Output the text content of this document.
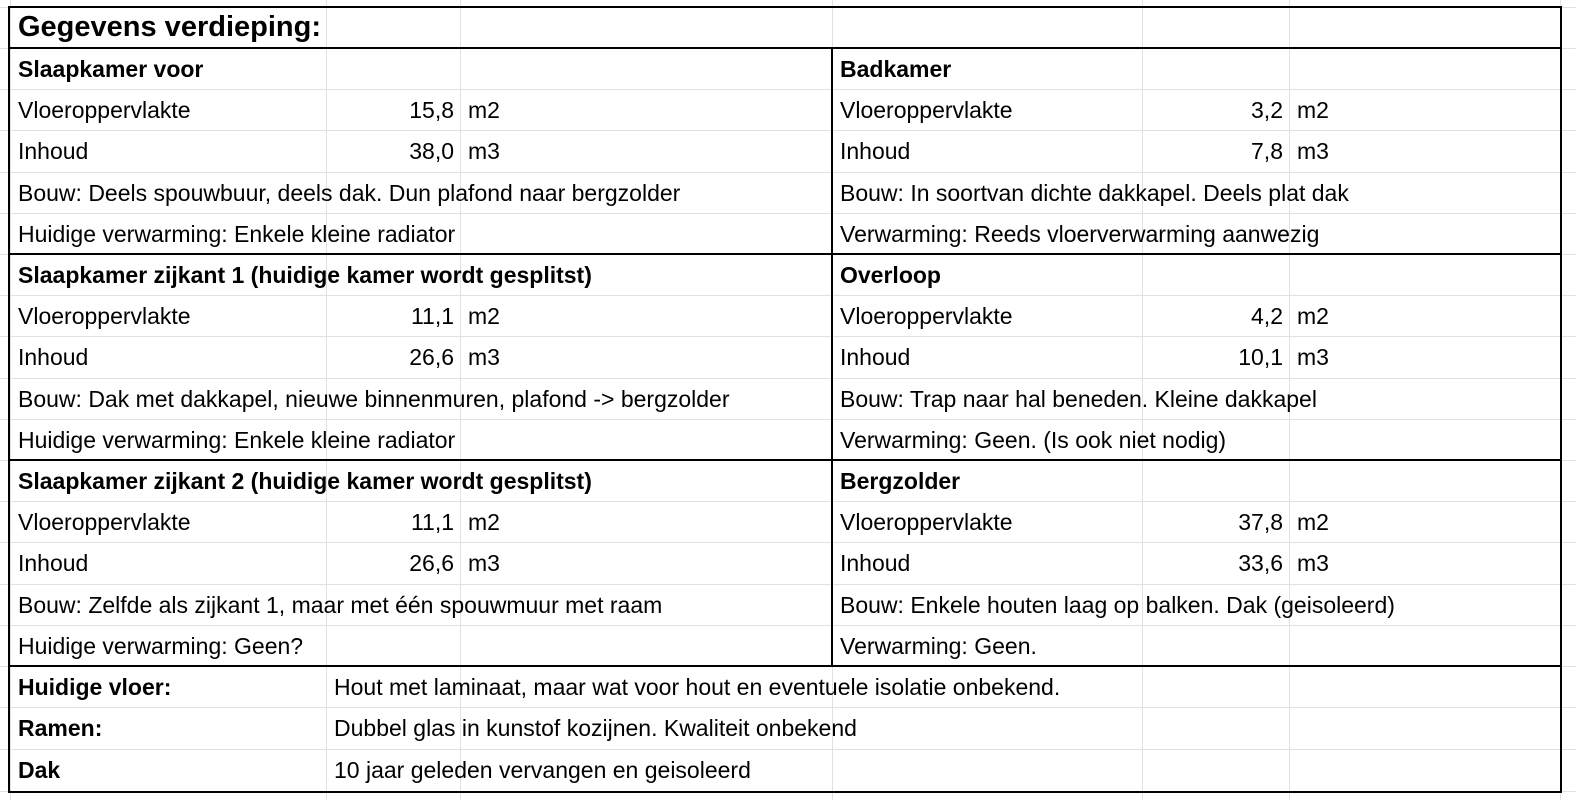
Gegevens verdieping:
Slaapkamer voor
Vloeroppervlakte	15,8 m2
Inhoud	38,0 m3
Bouw: Deels spouwbuur, deels dak. Dun plafond naar bergzolder
Huidige verwarming: Enkele kleine radiator
Slaapkamer zijkant 1 (huidige kamer wordt gesplitst)
Vloeroppervlakte	11,1 m2
Inhoud	26,6 m3
Bouw: Dak met dakkapel, nieuwe binnenmuren, plafond -> bergzolder
Huidige verwarming: Enkele kleine radiator
Slaapkamer zijkant 2 (huidige kamer wordt gesplitst)
Vloeroppervlakte	11,1 m2
Inhoud	26,6 m3
Bouw: Zelfde als zijkant 1, maar met één spouwmuur met raam
Huidige verwarming: Geen?
Badkamer
Vloeroppervlakte	3,2 m2
Inhoud	7,8 m3
Bouw: In soortvan dichte dakkapel. Deels plat dak
Verwarming: Reeds vloerverwarming aanwezig
Overloop
Vloeroppervlakte	4,2 m2
Inhoud	10,1 m3
Bouw: Trap naar hal beneden. Kleine dakkapel
Verwarming: Geen. (Is ook niet nodig)
Bergzolder
Vloeroppervlakte	37,8 m2
Inhoud	33,6 m3
Bouw: Enkele houten laag op balken. Dak (geisoleerd)
Verwarming: Geen.
Huidige vloer:	Hout met laminaat, maar wat voor hout en eventuele isolatie onbekend.
Ramen:	Dubbel glas in kunstof kozijnen. Kwaliteit onbekend
Dak	10 jaar geleden vervangen en geisoleerd
